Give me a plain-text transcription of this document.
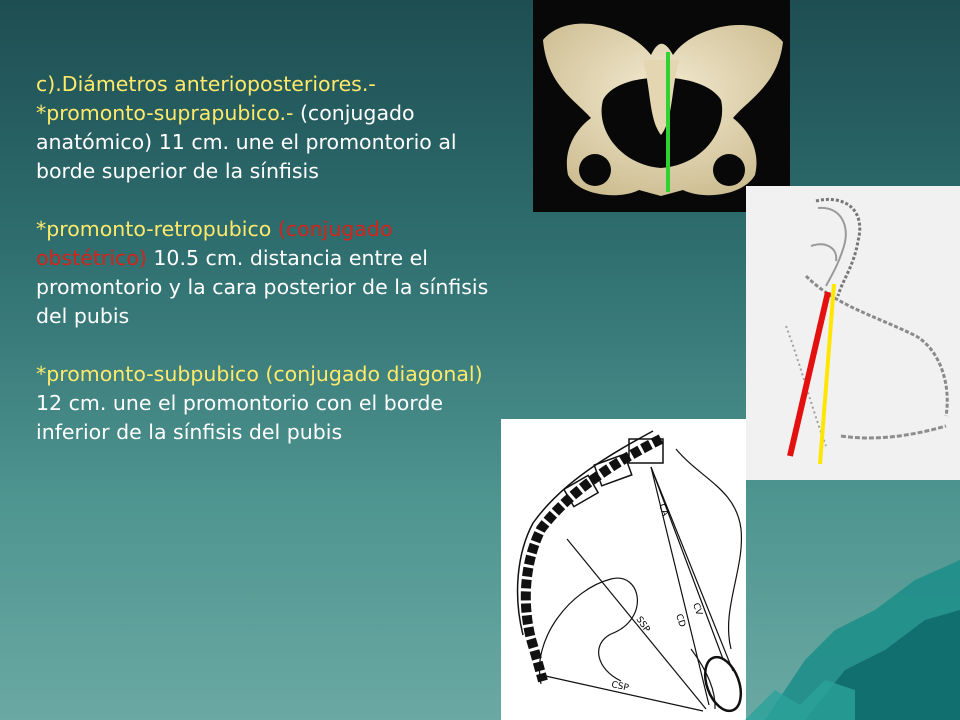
c).Diámetros anterioposteriores.-
*promonto-suprapubico.- (conjugado anatómico) 11 cm. une el promontorio al borde superior de la sínfisis
*promonto-retropubico (conjugado obstétrico) 10.5 cm. distancia entre el promontorio y la cara posterior de la sínfisis del pubis
*promonto-subpubico (conjugado diagonal) 12 cm. une el promontorio con el borde inferior de la sínfisis del pubis
CA
CV
CD
SSP
CSP
